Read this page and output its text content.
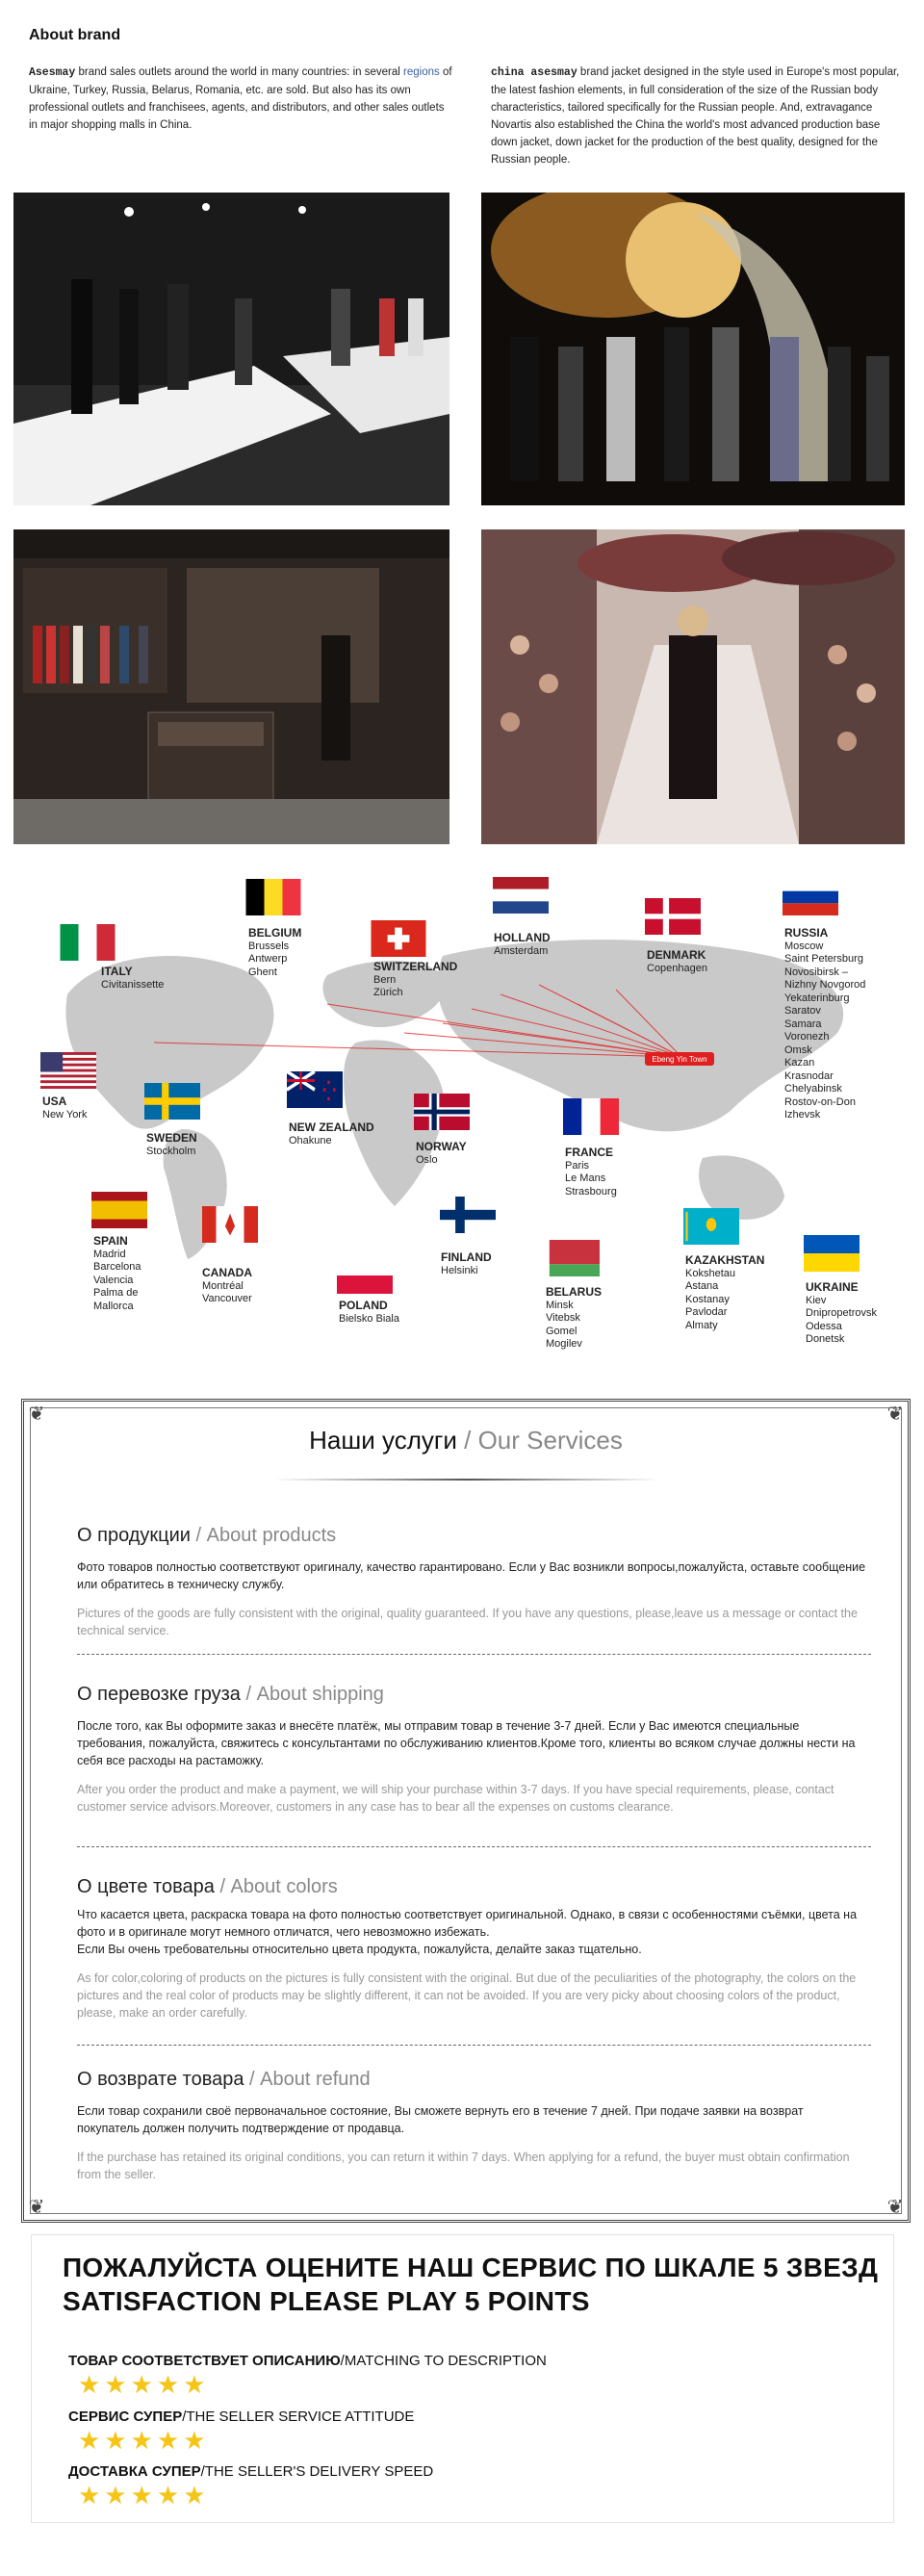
About brand
Asesmay brand sales outlets around the world in many countries: in several regions of Ukraine, Turkey, Russia, Belarus, Romania, etc. are sold. But also has its own professional outlets and franchisees, agents, and distributors, and other sales outlets in major shopping malls in China.
china asesmay brand jacket designed in the style used in Europe's most popular, the latest fashion elements, in full consideration of the size of the Russian body characteristics, tailored specifically for the Russian people. And, extravagance Novartis also established the China the world's most advanced production base down jacket, down jacket for the production of the best quality, designed for the Russian people.
Ebeng Yin Town
ITALY
Civitanissette
BELGIUM
Brussels
Antwerp
Ghent	SWITZERLAND
Bern
Zürich
HOLLAND
Amsterdam	DENMARK
Copenhagen
RUSSIA
Moscow
Saint Petersburg
Novosibirsk –
Nizhny Novgorod
Yekaterinburg
Saratov
Samara
Voronezh
Omsk
Kazan
Krasnodar
Chelyabinsk
Rostov-on-Don
Izhevsk
USA
New York
SWEDEN
Stockholm
NEW ZEALAND
Ohakune	NORWAY
Oslo
FRANCE
Paris
Le Mans
Strasbourg
SPAIN
Madrid
Barcelona
Valencia
Palma de
Mallorca
CANADA
Montréal
Vancouver	POLAND
Bielsko Biala
FINLAND
Helsinki
BELARUS
Minsk
Vitebsk
Gomel
Mogilev
KAZAKHSTAN
Kokshetau
Astana
Kostanay
Pavlodar
Almaty
UKRAINE
Kiev
Dnipropetrovsk
Odessa
Donetsk
❦	❦
❦	❦
Наши услуги / Our Services
О продукции / About products
Фото товаров полностью соответствуют оригиналу, качество гарантировано. Если у Вас возникли вопросы,пожалуйста, оставьте сообщение или обратитесь в техническу службу.
Pictures of the goods are fully consistent with the original, quality guaranteed. If you have any questions, please,leave us a message or contact the technical service.
О перевозке груза / About shipping
После того, как Вы оформите заказ и внесёте платёж, мы отправим товар в течение 3-7 дней. Если у Вас имеются специальные требования, пожалуйста, свяжитесь с консультантами по обслуживанию клиентов.Кроме того, клиенты во всяком случае должны нести на себя все расходы на растаможку.
After you order the product and make a payment, we will ship your purchase within 3-7 days. If you have special requirements, please, contact customer service advisors.Moreover, customers in any case has to bear all the expenses on customs clearance.
О цвете товара / About colors
Что касается цвета, раскраска товара на фото полностью соответствует оригинальной. Однако, в связи с особенностями съёмки, цвета на фото и в оригинале могут немного отличатся, чего невозможно избежать.
Если Вы очень требовательны относительно цвета продукта, пожалуйста, делайте заказ тщательно.
As for color,coloring of products on the pictures is fully consistent with the original. But due of the peculiarities of the photography, the colors on the pictures and the real color of products may be slightly different, it can not be avoided. If you are very picky about choosing colors of the product, please, make an order carefully.
О возврате товара / About refund
Если товар сохранили своё первоначальное состояние, Вы сможете вернуть его в течение 7 дней. При подаче заявки на возврат покупатель должен получить подтверждение от продавца.
If the purchase has retained its original conditions, you can return it within 7 days. When applying for a refund, the buyer must obtain confirmation from the seller.
ПОЖАЛУЙСТА ОЦЕНИТЕ НАШ СЕРВИС ПО ШКАЛЕ 5 ЗВЕЗД
SATISFACTION PLEASE PLAY 5 POINTS
ТОВАР СООТВЕТСТВУЕТ ОПИСАНИЮ/MATCHING TO DESCRIPTION
★★★★★
СЕРВИС СУПЕР/THE SELLER SERVICE ATTITUDE
★★★★★
ДОСТАВКА СУПЕР/THE SELLER'S DELIVERY SPEED
★★★★★
